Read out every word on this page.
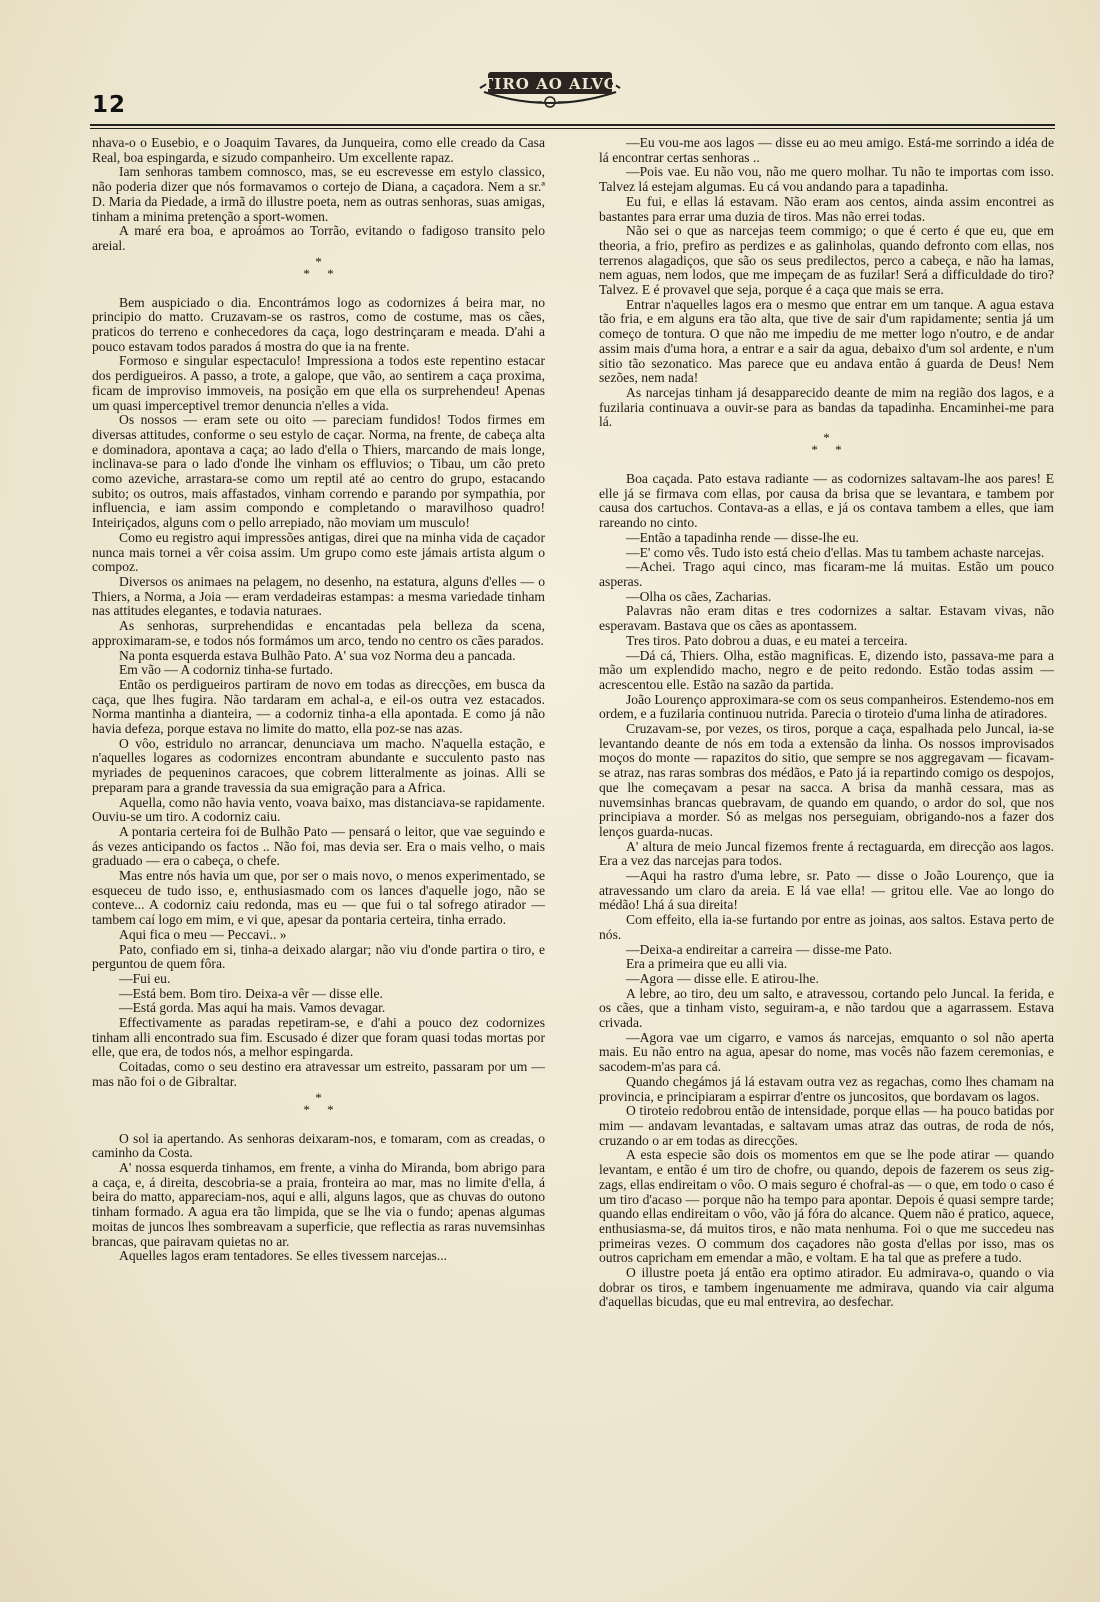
12
TIRO AO ALVO

nhava-o o Eusebio, e o Joaquim Tavares, da Junqueira, como elle creado da Casa Real, boa espingarda, e sizudo companheiro. Um excellente rapaz.

Iam senhoras tambem comnosco, mas, se eu escrevesse em estylo classico, não poderia dizer que nós formavamos o cortejo de Diana, a caçadora. Nem a sr.ª D. Maria da Piedade, a irmã do illustre poeta, nem as outras senhoras, suas amigas, tinham a minima pretenção a sport-women.

A maré era boa, e aproámos ao Torrão, evitando o fadigoso transito pelo areial.

*
* *

Bem auspiciado o dia. Encontrámos logo as codornizes á beira mar, no principio do matto. Cruzavam-se os rastros, como de costume, mas os cães, praticos do terreno e conhecedores da caça, logo destrinçaram e meada. D'ahi a pouco estavam todos parados á mostra do que ia na frente.

Formoso e singular espectaculo! Impressiona a todos este repentino estacar dos perdigueiros. A passo, a trote, a galope, que vão, ao sentirem a caça proxima, ficam de improviso immoveis, na posição em que ella os surprehendeu! Apenas um quasi imperceptivel tremor denuncia n'elles a vida.

Os nossos — eram sete ou oito — pareciam fundidos! Todos firmes em diversas attitudes, conforme o seu estylo de caçar. Norma, na frente, de cabeça alta e dominadora, apontava a caça; ao lado d'ella o Thiers, marcando de mais longe, inclinava-se para o lado d'onde lhe vinham os effluvios; o Tibau, um cão preto como azeviche, arrastara-se como um reptil até ao centro do grupo, estacando subito; os outros, mais affastados, vinham correndo e parando por sympathia, por influencia, e iam assim compondo e completando o maravilhoso quadro! Inteiriçados, alguns com o pello arrepiado, não moviam um musculo!

Como eu registro aqui impressões antigas, direi que na minha vida de caçador nunca mais tornei a vêr coisa assim. Um grupo como este jámais artista algum o compoz.

Diversos os animaes na pelagem, no desenho, na estatura, alguns d'elles — o Thiers, a Norma, a Joia — eram verdadeiras estampas: a mesma variedade tinham nas attitudes elegantes, e todavia naturaes.

As senhoras, surprehendidas e encantadas pela belleza da scena, approximaram-se, e todos nós formámos um arco, tendo no centro os cães parados.

Na ponta esquerda estava Bulhão Pato. A' sua voz Norma deu a pancada.

Em vão — A codorniz tinha-se furtado.

Então os perdigueiros partiram de novo em todas as direcções, em busca da caça, que lhes fugira. Não tardaram em achal-a, e eil-os outra vez estacados. Norma mantinha a dianteira, — a codorniz tinha-a ella apontada. E como já não havia defeza, porque estava no limite do matto, ella poz-se nas azas.

O vôo, estridulo no arrancar, denunciava um macho. N'aquella estação, e n'aquelles logares as codornizes encontram abundante e succulento pasto nas myriades de pequeninos caracoes, que cobrem litteralmente as joinas. Alli se preparam para a grande travessia da sua emigração para a Africa.

Aquella, como não havia vento, voava baixo, mas distanciava-se rapidamente. Ouviu-se um tiro. A codorniz caiu.

A pontaria certeira foi de Bulhão Pato — pensará o leitor, que vae seguindo e ás vezes anticipando os factos .. Não foi, mas devia ser. Era o mais velho, o mais graduado — era o cabeça, o chefe.

Mas entre nós havia um que, por ser o mais novo, o menos experimentado, se esqueceu de tudo isso, e, enthusiasmado com os lances d'aquelle jogo, não se conteve... A codorniz caiu redonda, mas eu — que fui o tal sofrego atirador — tambem caí logo em mim, e vi que, apesar da pontaria certeira, tinha errado.

Aqui fica o meu — Peccavi.. »

Pato, confiado em si, tinha-a deixado alargar; não viu d'onde partira o tiro, e perguntou de quem fôra.

—Fui eu.

—Está bem. Bom tiro. Deixa-a vêr — disse elle.

—Está gorda. Mas aqui ha mais. Vamos devagar.

Effectivamente as paradas repetiram-se, e d'ahi a pouco dez codornizes tinham alli encontrado sua fim. Escusado é dizer que foram quasi todas mortas por elle, que era, de todos nós, a melhor espingarda.

Coitadas, como o seu destino era atravessar um estreito, passaram por um — mas não foi o de Gibraltar.

*
* *

O sol ia apertando. As senhoras deixaram-nos, e tomaram, com as creadas, o caminho da Costa.

A' nossa esquerda tinhamos, em frente, a vinha do Miranda, bom abrigo para a caça, e, á direita, descobria-se a praia, fronteira ao mar, mas no limite d'ella, á beira do matto, appareciam-nos, aqui e alli, alguns lagos, que as chuvas do outono tinham formado. A agua era tão limpida, que se lhe via o fundo; apenas algumas moitas de juncos lhes sombreavam a superficie, que reflectia as raras nuvemsinhas brancas, que pairavam quietas no ar.

Aquelles lagos eram tentadores. Se elles tivessem narcejas...

—Eu vou-me aos lagos — disse eu ao meu amigo. Está-me sorrindo a idéa de lá encontrar certas senhoras ..

—Pois vae. Eu não vou, não me quero molhar. Tu não te importas com isso. Talvez lá estejam algumas. Eu cá vou andando para a tapadinha.

Eu fui, e ellas lá estavam. Não eram aos centos, ainda assim encontrei as bastantes para errar uma duzia de tiros. Mas não errei todas.

Não sei o que as narcejas teem commigo; o que é certo é que eu, que em theoria, a frio, prefiro as perdizes e as galinholas, quando defronto com ellas, nos terrenos alagadiços, que são os seus predilectos, perco a cabeça, e não ha lamas, nem aguas, nem lodos, que me impeçam de as fuzilar! Será a difficuldade do tiro? Talvez. E é provavel que seja, porque é a caça que mais se erra.

Entrar n'aquelles lagos era o mesmo que entrar em um tanque. A agua estava tão fria, e em alguns era tão alta, que tive de sair d'um rapidamente; sentia já um começo de tontura. O que não me impediu de me metter logo n'outro, e de andar assim mais d'uma hora, a entrar e a sair da agua, debaixo d'um sol ardente, e n'um sitio tão sezonatico. Mas parece que eu andava então á guarda de Deus! Nem sezões, nem nada!

As narcejas tinham já desapparecido deante de mim na região dos lagos, e a fuzilaria continuava a ouvir-se para as bandas da tapadinha. Encaminhei-me para lá.

*
* *

Boa caçada. Pato estava radiante — as codornizes saltavam-lhe aos pares! E elle já se firmava com ellas, por causa da brisa que se levantara, e tambem por causa dos cartuchos. Contava-as a ellas, e já os contava tambem a elles, que iam rareando no cinto.

—Então a tapadinha rende — disse-lhe eu.

—E' como vês. Tudo isto está cheio d'ellas. Mas tu tambem achaste narcejas.

—Achei. Trago aqui cinco, mas ficaram-me lá muitas. Estão um pouco asperas.

—Olha os cães, Zacharias.

Palavras não eram ditas e tres codornizes a saltar. Estavam vivas, não esperavam. Bastava que os cães as apontassem.

Tres tiros. Pato dobrou a duas, e eu matei a terceira.

—Dá cá, Thiers. Olha, estão magnificas. E, dizendo isto, passava-me para a mão um explendido macho, negro e de peito redondo. Estão todas assim — acrescentou elle. Estão na sazão da partida.

João Lourenço approximara-se com os seus companheiros. Estendemo-nos em ordem, e a fuzilaria continuou nutrida. Parecia o tiroteio d'uma linha de atiradores.

Cruzavam-se, por vezes, os tiros, porque a caça, espalhada pelo Juncal, ia-se levantando deante de nós em toda a extensão da linha. Os nossos improvisados moços do monte — rapazitos do sitio, que sempre se nos aggregavam — ficavam-se atraz, nas raras sombras dos médãos, e Pato já ia repartindo comigo os despojos, que lhe começavam a pesar na sacca. A brisa da manhã cessara, mas as nuvemsinhas brancas quebravam, de quando em quando, o ardor do sol, que nos principiava a morder. Só as melgas nos perseguiam, obrigando-nos a fazer dos lenços guarda-nucas.

A' altura de meio Juncal fizemos frente á rectaguarda, em direcção aos lagos. Era a vez das narcejas para todos.

—Aqui ha rastro d'uma lebre, sr. Pato — disse o João Lourenço, que ia atravessando um claro da areia. E lá vae ella! — gritou elle. Vae ao longo do médão! Lhá á sua direita!

Com effeito, ella ia-se furtando por entre as joinas, aos saltos. Estava perto de nós.

—Deixa-a endireitar a carreira — disse-me Pato.

Era a primeira que eu alli via.

—Agora — disse elle. E atirou-lhe.

A lebre, ao tiro, deu um salto, e atravessou, cortando pelo Juncal. Ia ferida, e os cães, que a tinham visto, seguiram-a, e não tardou que a agarrassem. Estava crivada.

—Agora vae um cigarro, e vamos ás narcejas, emquanto o sol não aperta mais. Eu não entro na agua, apesar do nome, mas vocês não fazem ceremonias, e sacodem-m'as para cá.

Quando chegámos já lá estavam outra vez as regachas, como lhes chamam na provincia, e principiaram a espirrar d'entre os juncositos, que bordavam os lagos.

O tiroteio redobrou então de intensidade, porque ellas — ha pouco batidas por mim — andavam levantadas, e saltavam umas atraz das outras, de roda de nós, cruzando o ar em todas as direcções.

A esta especie são dois os momentos em que se lhe pode atirar — quando levantam, e então é um tiro de chofre, ou quando, depois de fazerem os seus zig-zags, ellas endireitam o vôo. O mais seguro é chofral-as — o que, em todo o caso é um tiro d'acaso — porque não ha tempo para apontar. Depois é quasi sempre tarde; quando ellas endireitam o vôo, vão já fóra do alcance. Quem não é pratico, aquece, enthusiasma-se, dá muitos tiros, e não mata nenhuma. Foi o que me succedeu nas primeiras vezes. O commum dos caçadores não gosta d'ellas por isso, mas os outros capricham em emendar a mão, e voltam. E ha tal que as prefere a tudo.

O illustre poeta já então era optimo atirador. Eu admirava-o, quando o via dobrar os tiros, e tambem ingenuamente me admirava, quando via cair alguma d'aquellas bicudas, que eu mal entrevira, ao desfechar.
